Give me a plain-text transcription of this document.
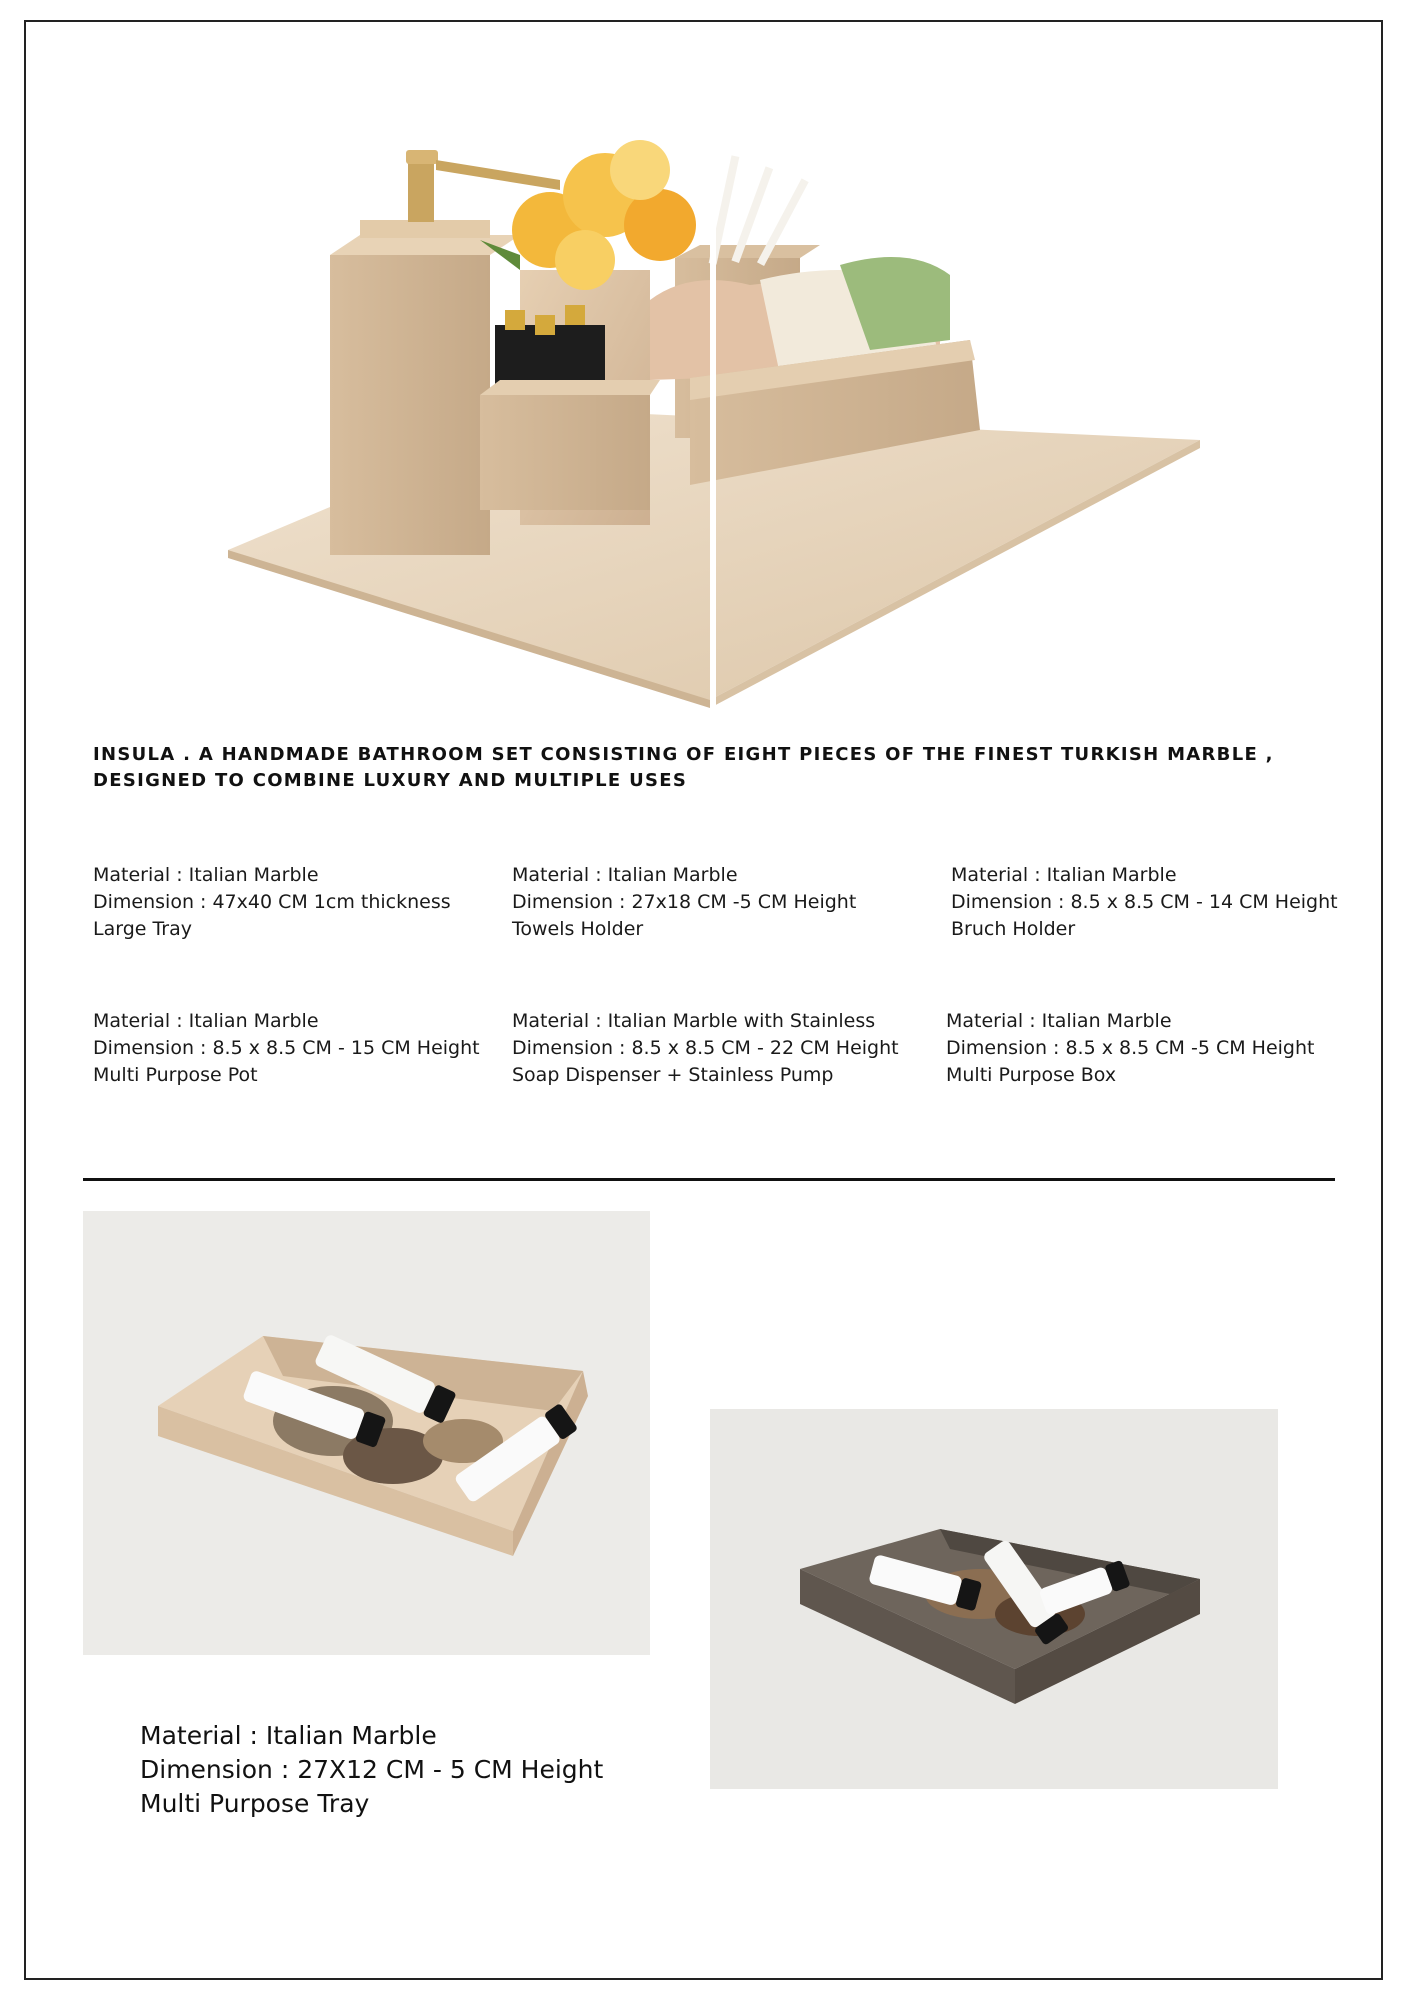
INSULA . A HANDMADE BATHROOM SET CONSISTING OF EIGHT PIECES OF THE FINEST TURKISH MARBLE ,
DESIGNED TO COMBINE LUXURY AND MULTIPLE USES
Material : Italian Marble
Dimension : 47x40 CM 1cm thickness
Large Tray
Material : Italian Marble
Dimension : 27x18 CM -5 CM Height
Towels Holder
Material : Italian Marble
Dimension : 8.5 x 8.5 CM - 14 CM Height
Bruch Holder
Material : Italian Marble
Dimension : 8.5 x 8.5 CM - 15 CM Height
Multi Purpose Pot
Material : Italian Marble with Stainless
Dimension : 8.5 x 8.5 CM - 22 CM Height
Soap Dispenser + Stainless Pump
Material : Italian Marble
Dimension : 8.5 x 8.5 CM -5 CM Height
Multi Purpose Box
Material : Italian Marble
Dimension : 27X12 CM - 5 CM Height
Multi Purpose Tray
